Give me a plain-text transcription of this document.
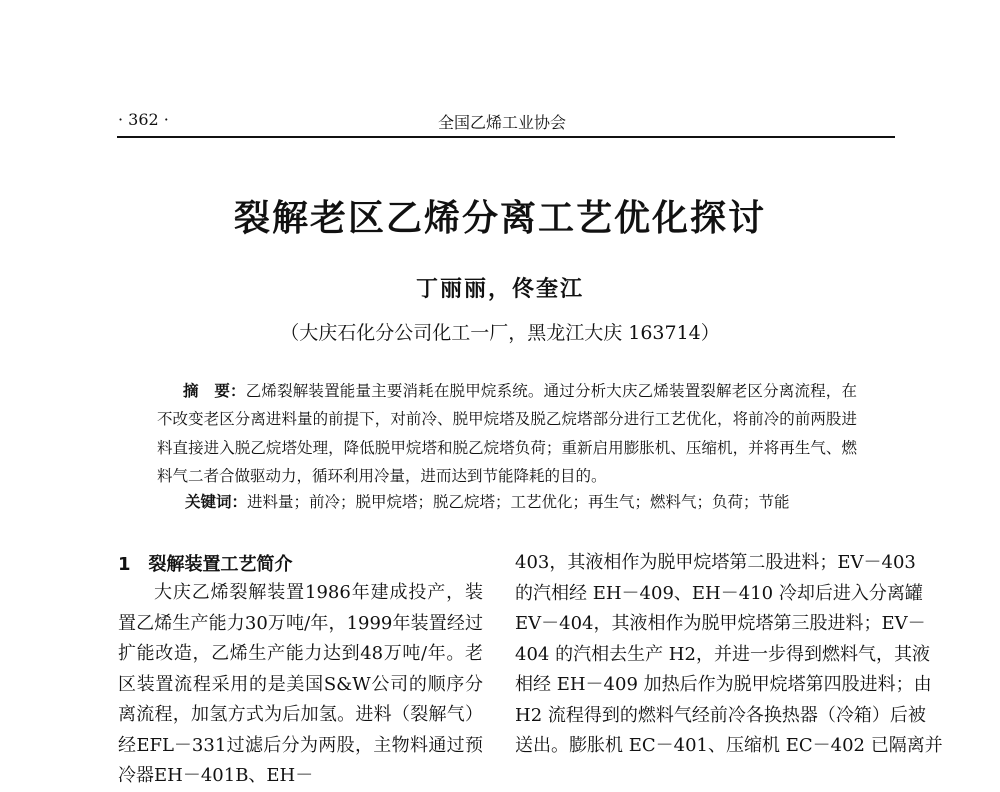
· 362 ·	全国乙烯工业协会
裂解老区乙烯分离工艺优化探讨
丁丽丽，佟奎江
（大庆石化分公司化工一厂，黑龙江大庆 163714）
摘　要：乙烯裂解装置能量主要消耗在脱甲烷系统。通过分析大庆乙烯装置裂解老区分离流程，在不改变老区分离进料量的前提下，对前冷、脱甲烷塔及脱乙烷塔部分进行工艺优化，将前冷的前两股进料直接进入脱乙烷塔处理，降低脱甲烷塔和脱乙烷塔负荷；重新启用膨胀机、压缩机，并将再生气、燃料气二者合做驱动力，循环利用冷量，进而达到节能降耗的目的。
关键词：进料量；前冷；脱甲烷塔；脱乙烷塔；工艺优化；再生气；燃料气；负荷；节能
1　裂解装置工艺简介
大庆乙烯裂解装置1986年建成投产，装置乙烯生产能力30万吨/年，1999年装置经过扩能改造，乙烯生产能力达到48万吨/年。老区装置流程采用的是美国S&W公司的顺序分离流程，加氢方式为后加氢。进料（裂解气）经EFL－331过滤后分为两股，主物料通过预冷器EH－401B、EH－
403，其液相作为脱甲烷塔第二股进料；EV－403
的汽相经 EH－409、EH－410 冷却后进入分离罐
EV－404，其液相作为脱甲烷塔第三股进料；EV－
404 的汽相去生产 H2，并进一步得到燃料气，其液
相经 EH－409 加热后作为脱甲烷塔第四股进料；由
H2 流程得到的燃料气经前冷各换热器（冷箱）后被
送出。膨胀机 EC－401、压缩机 EC－402 已隔离并
